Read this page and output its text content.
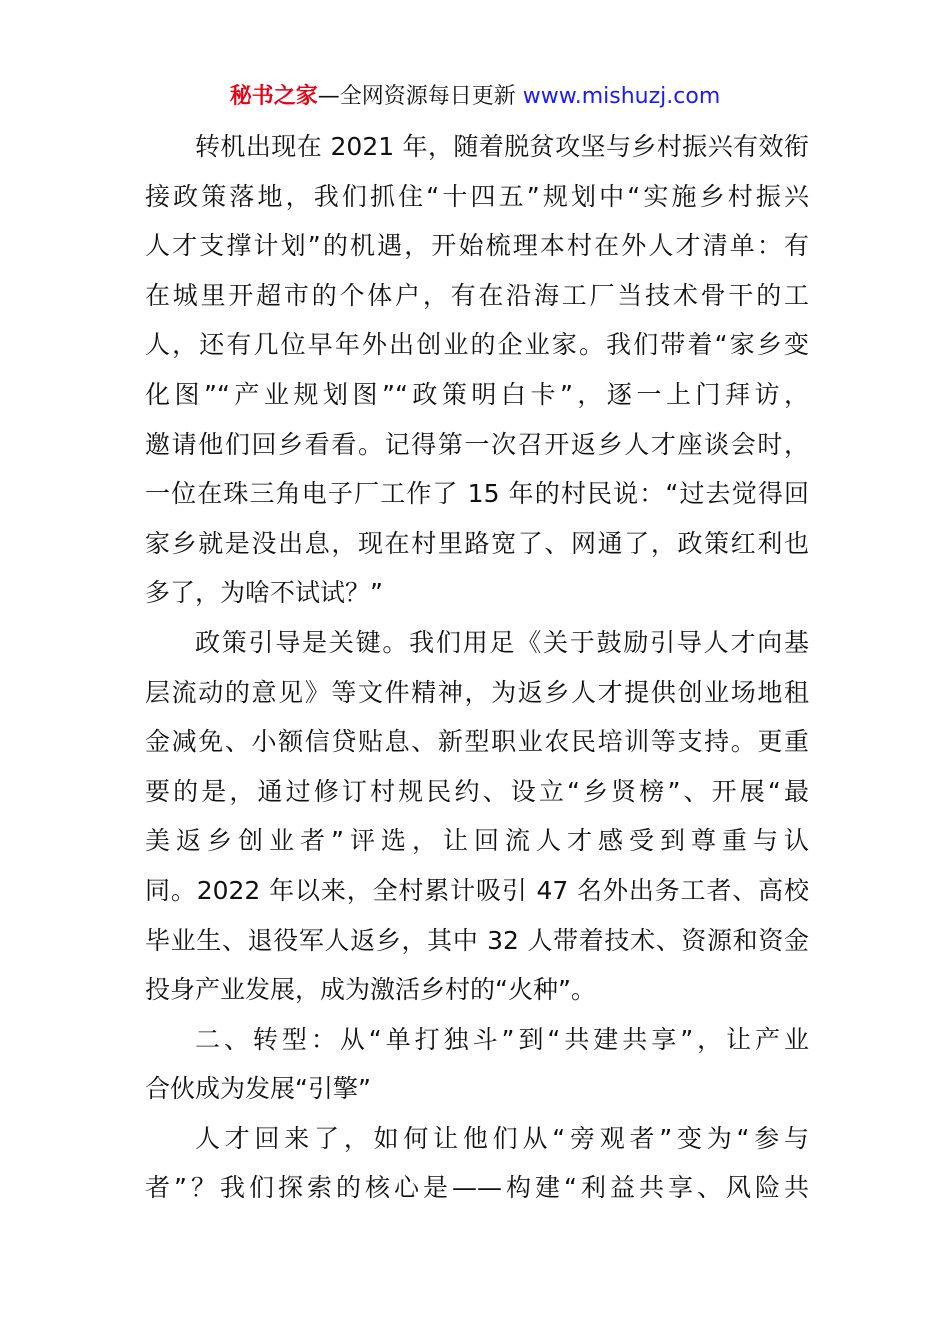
秘书之家—全网资源每日更新 www.mishuzj.com
转机出现在 2021 年，随着脱贫攻坚与乡村振兴有效衔
接政策落地，我们抓住“十四五”规划中“实施乡村振兴
人才支撑计划”的机遇，开始梳理本村在外人才清单：有
在城里开超市的个体户，有在沿海工厂当技术骨干的工
人，还有几位早年外出创业的企业家。我们带着“家乡变
化图”“产业规划图”“政策明白卡”，逐一上门拜访，
邀请他们回乡看看。记得第一次召开返乡人才座谈会时，
一位在珠三角电子厂工作了 15 年的村民说：“过去觉得回
家乡就是没出息，现在村里路宽了、网通了，政策红利也
多了，为啥不试试？”
政策引导是关键。我们用足《关于鼓励引导人才向基
层流动的意见》等文件精神，为返乡人才提供创业场地租
金减免、小额信贷贴息、新型职业农民培训等支持。更重
要的是，通过修订村规民约、设立“乡贤榜”、开展“最
美返乡创业者”评选，让回流人才感受到尊重与认
同。2022 年以来，全村累计吸引 47 名外出务工者、高校
毕业生、退役军人返乡，其中 32 人带着技术、资源和资金
投身产业发展，成为激活乡村的“火种”。
二、转型：从“单打独斗”到“共建共享”，让产业
合伙成为发展“引擎”
人才回来了，如何让他们从“旁观者”变为“参与
者”？我们探索的核心是——构建“利益共享、风险共
